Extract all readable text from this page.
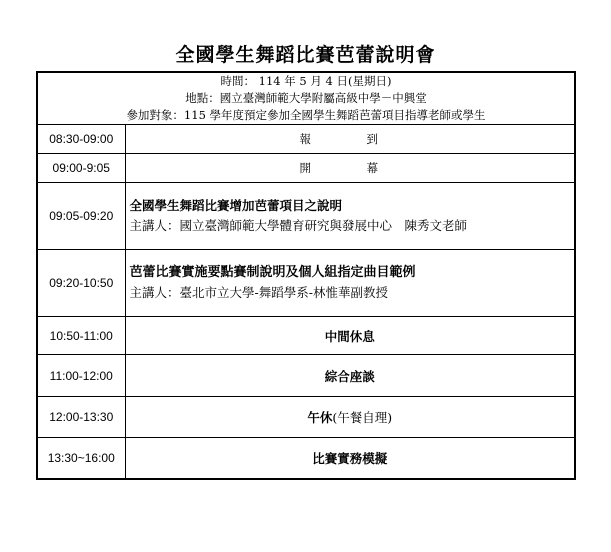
全國學生舞蹈比賽芭蕾說明會
時間： 114 年 5 月 4 日(星期日)
地點：國立臺灣師範大學附屬高級中學－中興堂
參加對象：115 學年度預定參加全國學生舞蹈芭蕾項目指導老師或學生	

08:30-09:00	報　到
09:00-9:05	開　幕
09:05-09:20	全國學生舞蹈比賽增加芭蕾項目之說明
主講人：國立臺灣師範大學體育研究與發展中心　陳秀文老師

09:20-10:50	芭蕾比賽實施要點賽制說明及個人組指定曲目範例
主講人：臺北市立大學-舞蹈學系-林惟華副教授

10:50-11:00	中間休息
11:00-12:00	綜合座談
12:00-13:30	午休(午餐自理)
13:30~16:00	比賽實務模擬
